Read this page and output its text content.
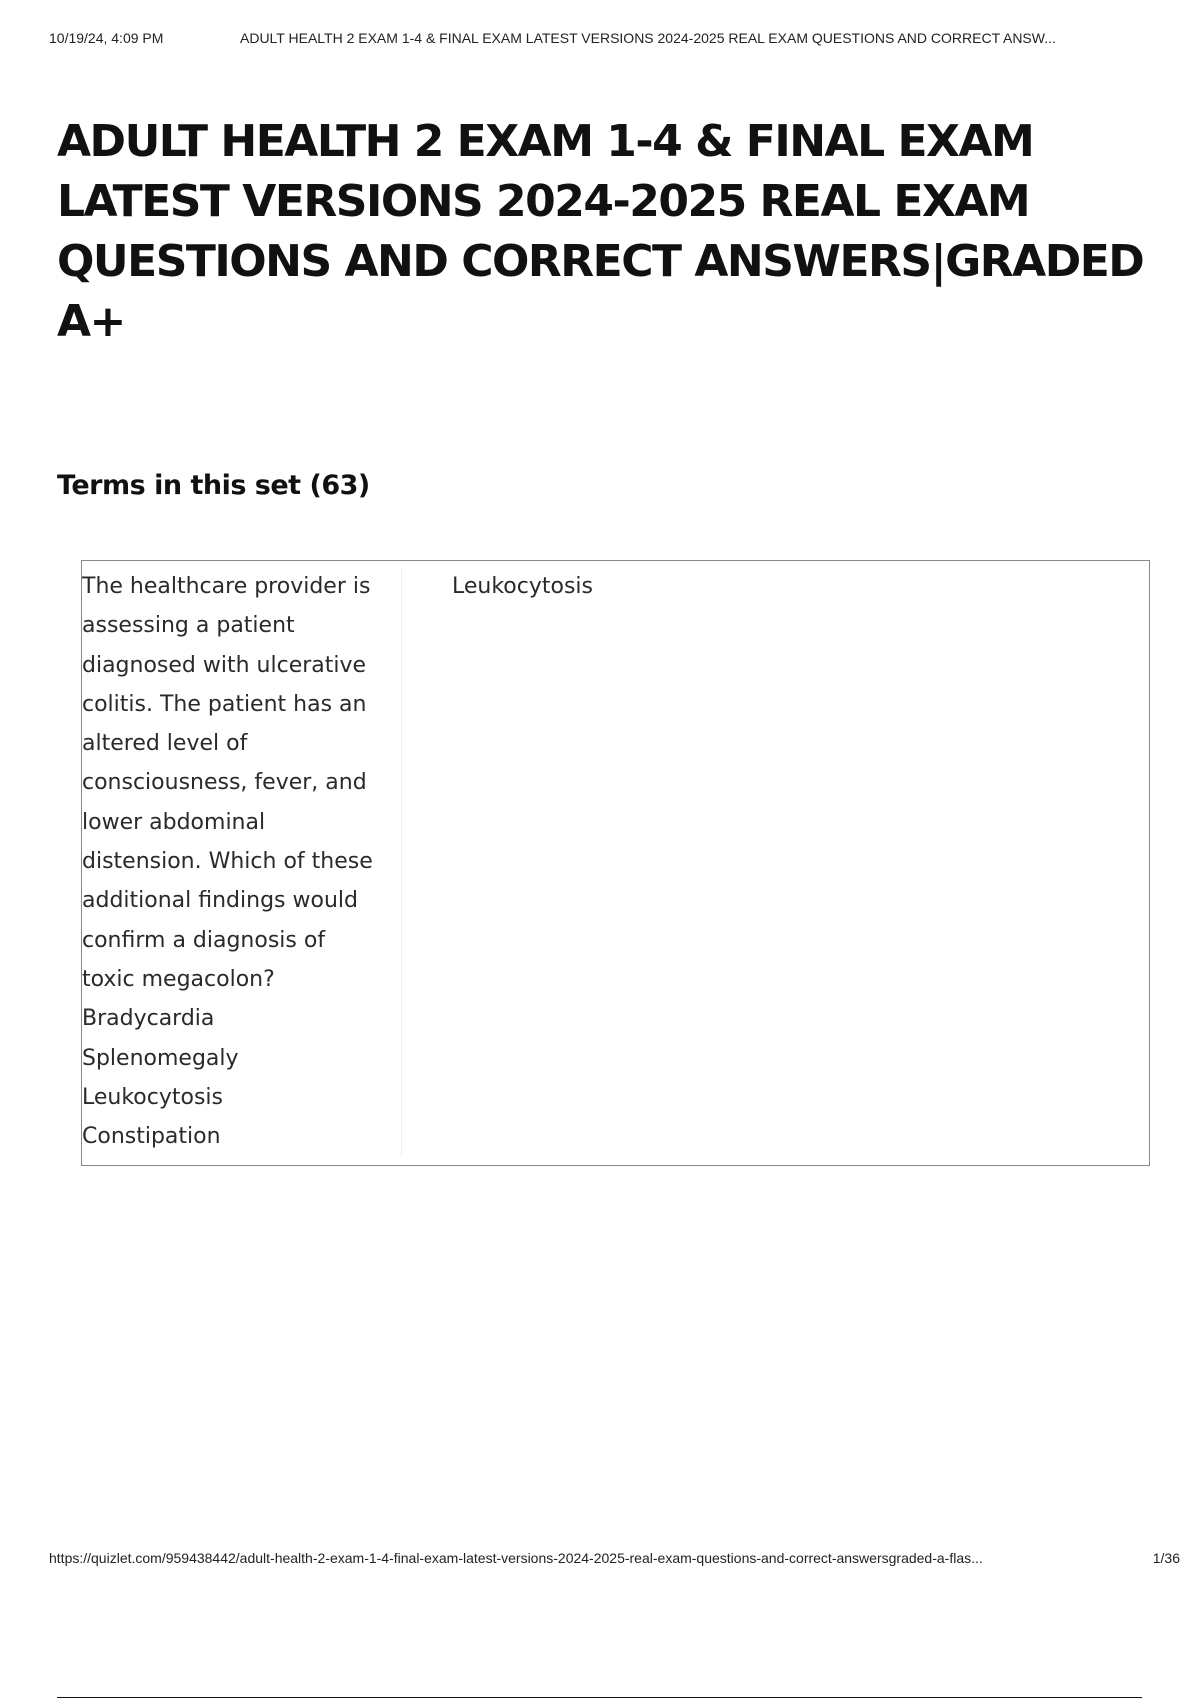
10/19/24, 4:09 PM	ADULT HEALTH 2 EXAM 1-4 & FINAL EXAM LATEST VERSIONS 2024-2025 REAL EXAM QUESTIONS AND CORRECT ANSW...
ADULT HEALTH 2 EXAM 1-4 & FINAL EXAM
LATEST VERSIONS 2024-2025 REAL EXAM
QUESTIONS AND CORRECT ANSWERS|GRADED
A+
Terms in this set (63)
The healthcare provider is
assessing a patient
diagnosed with ulcerative
colitis. The patient has an
altered level of
consciousness, fever, and
lower abdominal
distension. Which of these
additional findings would
confirm a diagnosis of
toxic megacolon?
Bradycardia
Splenomegaly
Leukocytosis
Constipation
Leukocytosis
https://quizlet.com/959438442/adult-health-2-exam-1-4-final-exam-latest-versions-2024-2025-real-exam-questions-and-correct-answersgraded-a-flas...	1/36
